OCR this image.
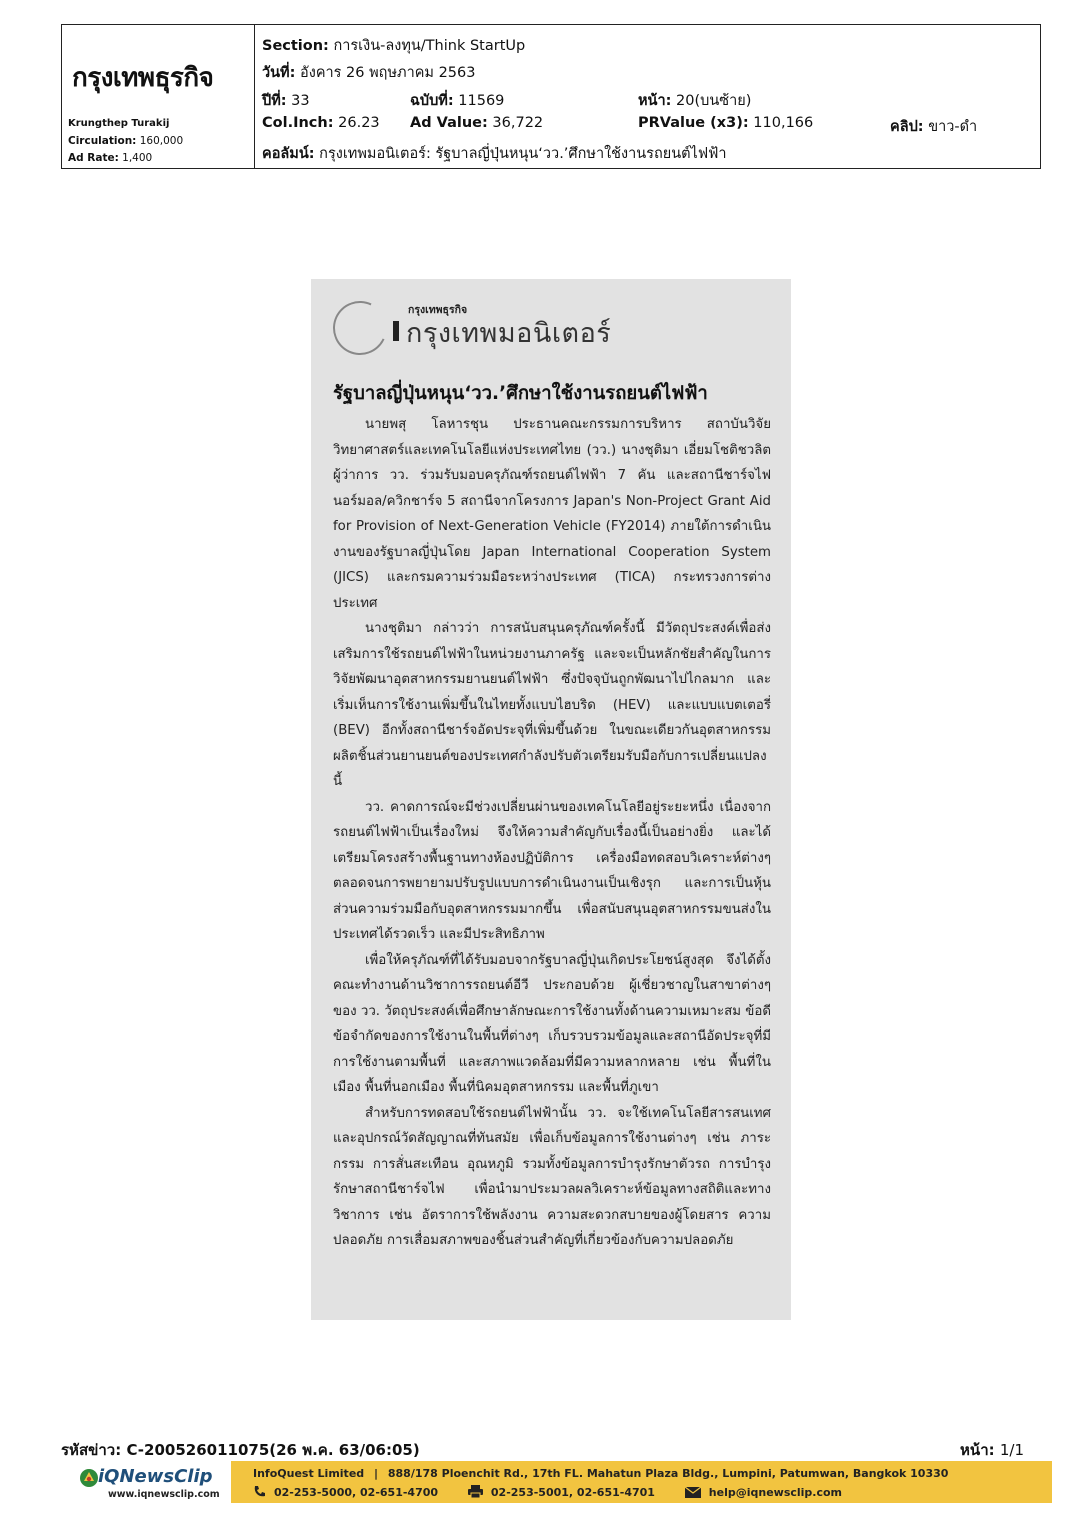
กรุงเทพธุรกิจ
Krungthep Turakij
Circulation: 160,000
Ad Rate: 1,400
Section: การเงิน-ลงทุน/Think StartUp
วันที่: อังคาร 26 พฤษภาคม 2563
ปีที่: 33	ฉบับที่: 11569	หน้า: 20(บนซ้าย)
Col.Inch: 26.23 Ad Value: 36,722	PRValue (x3): 110,166	คลิป: ขาว-ดำ
คอลัมน์: กรุงเทพมอนิเตอร์: รัฐบาลญี่ปุ่นหนุน‘วว.’ศึกษาใช้งานรถยนต์ไฟฟ้า
กรุงเทพธุรกิจ
กรุงเทพมอนิเตอร์
รัฐบาลญี่ปุ่นหนุน‘วว.’ศึกษาใช้งานรถยนต์ไฟฟ้า

นายพสุ โลหารชุน ประธานคณะกรรมการบริหาร สถาบันวิจัยวิทยาศาสตร์และเทคโนโลยีแห่งประเทศไทย (วว.) นางชุติมา เอี่ยมโชติชวลิต ผู้ว่าการ วว. ร่วมรับมอบครุภัณฑ์รถยนต์ไฟฟ้า 7 คัน และสถานีชาร์จไฟนอร์มอล/ควิกชาร์จ 5 สถานีจากโครงการ Japan's Non-Project Grant Aid for Provision of Next-Generation Vehicle (FY2014) ภายใต้การดำเนินงานของรัฐบาลญี่ปุ่นโดย Japan International Cooperation System (JICS) และกรมความร่วมมือระหว่างประเทศ (TICA) กระทรวงการต่างประเทศ

นางชุติมา กล่าวว่า การสนับสนุนครุภัณฑ์ครั้งนี้ มีวัตถุประสงค์เพื่อส่งเสริมการใช้รถยนต์ไฟฟ้าในหน่วยงานภาครัฐ และจะเป็นหลักชัยสำคัญในการวิจัยพัฒนาอุตสาหกรรมยานยนต์ไฟฟ้า ซึ่งปัจจุบันถูกพัฒนาไปไกลมาก และเริ่มเห็นการใช้งานเพิ่มขึ้นในไทยทั้งแบบไฮบริด (HEV) และแบบแบตเตอรี่ (BEV) อีกทั้งสถานีชาร์จอัดประจุที่เพิ่มขึ้นด้วย ในขณะเดียวกันอุตสาหกรรมผลิตชิ้นส่วนยานยนต์ของประเทศกำลังปรับตัวเตรียมรับมือกับการเปลี่ยนแปลงนี้

วว. คาดการณ์จะมีช่วงเปลี่ยนผ่านของเทคโนโลยีอยู่ระยะหนึ่ง เนื่องจากรถยนต์ไฟฟ้าเป็นเรื่องใหม่ จึงให้ความสำคัญกับเรื่องนี้เป็นอย่างยิ่ง และได้เตรียมโครงสร้างพื้นฐานทางห้องปฏิบัติการ เครื่องมือทดสอบวิเคราะห์ต่างๆ ตลอดจนการพยายามปรับรูปแบบการดำเนินงานเป็นเชิงรุก และการเป็นหุ้นส่วนความร่วมมือกับอุตสาหกรรมมากขึ้น เพื่อสนับสนุนอุตสาหกรรมขนส่งในประเทศได้รวดเร็ว และมีประสิทธิภาพ

เพื่อให้ครุภัณฑ์ที่ได้รับมอบจากรัฐบาลญี่ปุ่นเกิดประโยชน์สูงสุด จึงได้ตั้งคณะทำงานด้านวิชาการรถยนต์อีวี ประกอบด้วย ผู้เชี่ยวชาญในสาขาต่างๆ ของ วว. วัตถุประสงค์เพื่อศึกษาลักษณะการใช้งานทั้งด้านความเหมาะสม ข้อดี ข้อจำกัดของการใช้งานในพื้นที่ต่างๆ เก็บรวบรวมข้อมูลและสถานีอัดประจุที่มีการใช้งานตามพื้นที่ และสภาพแวดล้อมที่มีความหลากหลาย เช่น พื้นที่ในเมือง พื้นที่นอกเมือง พื้นที่นิคมอุตสาหกรรม และพื้นที่ภูเขา

สำหรับการทดสอบใช้รถยนต์ไฟฟ้านั้น วว. จะใช้เทคโนโลยีสารสนเทศและอุปกรณ์วัดสัญญาณที่ทันสมัย เพื่อเก็บข้อมูลการใช้งานต่างๆ เช่น ภาระกรรม การสั่นสะเทือน อุณหภูมิ รวมทั้งข้อมูลการบำรุงรักษาตัวรถ การบำรุงรักษาสถานีชาร์จไฟ เพื่อนำมาประมวลผลวิเคราะห์ข้อมูลทางสถิติและทางวิชาการ เช่น อัตราการใช้พลังงาน ความสะดวกสบายของผู้โดยสาร ความปลอดภัย การเสื่อมสภาพของชิ้นส่วนสำคัญที่เกี่ยวข้องกับความปลอดภัย

รหัสข่าว: C-200526011075(26 พ.ค. 63/06:05)	หน้า: 1/1
iQNewsClip
www.iqnewsclip.com
InfoQuest Limited | 888/178 Ploenchit Rd., 17th FL. Mahatun Plaza Bldg., Lumpini, Patumwan, Bangkok 10330
02-253-5000, 02-651-4700	02-253-5001, 02-651-4701	help@iqnewsclip.com
